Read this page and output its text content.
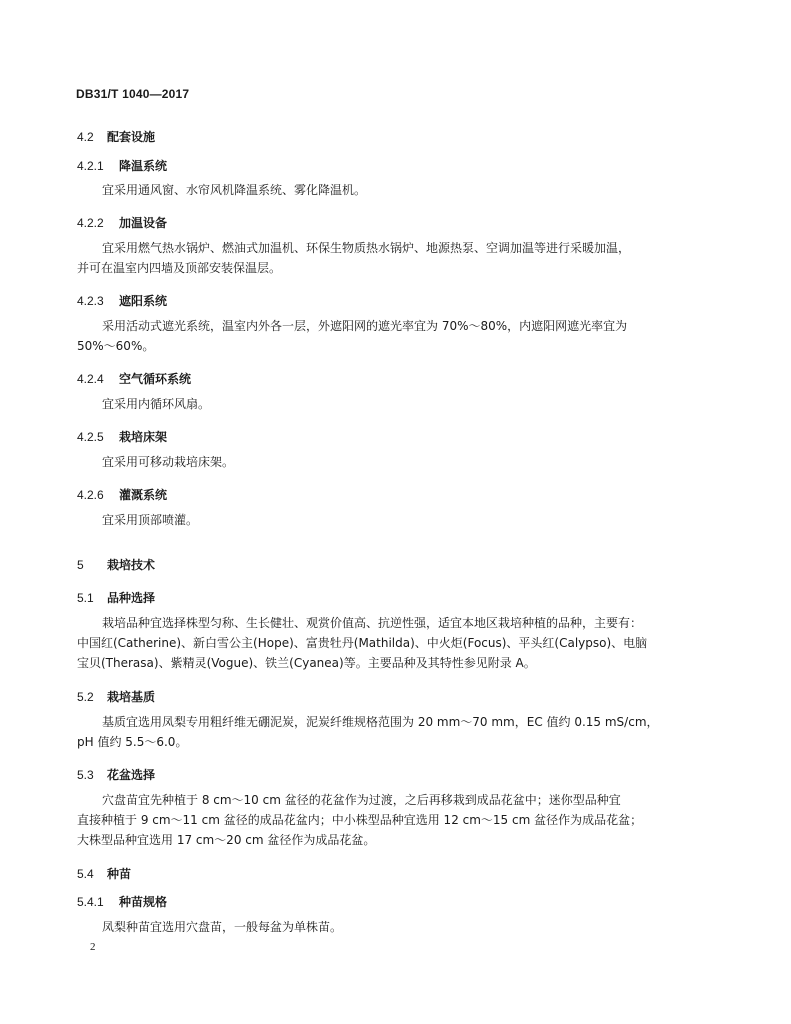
DB31/T 1040—2017
4.2 配套设施
4.2.1 降温系统
宜采用通风窗、水帘风机降温系统、雾化降温机。
4.2.2 加温设备
宜采用燃气热水锅炉、燃油式加温机、环保生物质热水锅炉、地源热泵、空调加温等进行采暖加温，
并可在温室内四墙及顶部安装保温层。
4.2.3 遮阳系统
采用活动式遮光系统，温室内外各一层，外遮阳网的遮光率宜为 70%～80%，内遮阳网遮光率宜为
50%～60%。
4.2.4 空气循环系统
宜采用内循环风扇。
4.2.5 栽培床架
宜采用可移动栽培床架。
4.2.6 灌溉系统
宜采用顶部喷灌。
5 栽培技术
5.1 品种选择
栽培品种宜选择株型匀称、生长健壮、观赏价值高、抗逆性强，适宜本地区栽培种植的品种，主要有：
中国红(Catherine)、新白雪公主(Hope)、富贵牡丹(Mathilda)、中火炬(Focus)、平头红(Calypso)、电脑
宝贝(Therasa)、紫精灵(Vogue)、铁兰(Cyanea)等。主要品种及其特性参见附录 A。
5.2 栽培基质
基质宜选用凤梨专用粗纤维无硼泥炭，泥炭纤维规格范围为 20 mm～70 mm，EC 值约 0.15 mS/cm，
pH 值约 5.5～6.0。
5.3 花盆选择
穴盘苗宜先种植于 8 cm～10 cm 盆径的花盆作为过渡，之后再移栽到成品花盆中；迷你型品种宜
直接种植于 9 cm～11 cm 盆径的成品花盆内；中小株型品种宜选用 12 cm～15 cm 盆径作为成品花盆；
大株型品种宜选用 17 cm～20 cm 盆径作为成品花盆。
5.4 种苗
5.4.1 种苗规格
凤梨种苗宜选用穴盘苗，一般每盆为单株苗。
2
